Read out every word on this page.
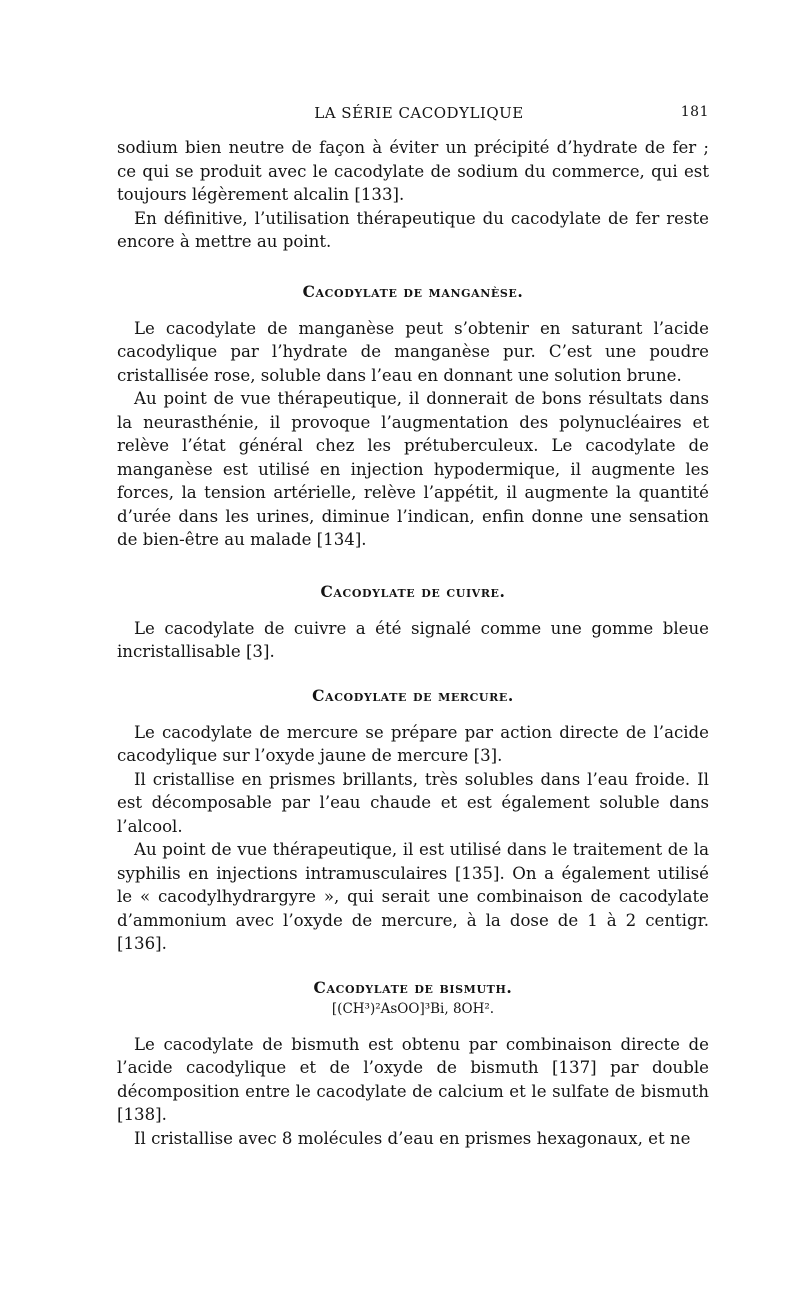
LA SÉRIE CACODYLIQUE	181

sodium bien neutre de façon à éviter un précipité d’hydrate de fer ; ce qui se produit avec le cacodylate de sodium du commerce, qui est toujours légèrement alcalin [133].

En définitive, l’utilisation thérapeutique du cacodylate de fer reste encore à mettre au point.

Cacodylate de manganèse.

Le cacodylate de manganèse peut s’obtenir en saturant l’acide cacodylique par l’hydrate de manganèse pur. C’est une poudre cristallisée rose, soluble dans l’eau en donnant une solution brune.

Au point de vue thérapeutique, il donnerait de bons résultats dans la neurasthénie, il provoque l’augmentation des polynucléaires et relève l’état général chez les prétuberculeux. Le cacodylate de manganèse est utilisé en injection hypodermique, il augmente les forces, la tension artérielle, relève l’appétit, il augmente la quantité d’urée dans les urines, diminue l’indican, enfin donne une sensation de bien-être au malade [134].

Cacodylate de cuivre.

Le cacodylate de cuivre a été signalé comme une gomme bleue incristallisable [3].

Cacodylate de mercure.

Le cacodylate de mercure se prépare par action directe de l’acide cacodylique sur l’oxyde jaune de mercure [3].

Il cristallise en prismes brillants, très solubles dans l’eau froide. Il est décomposable par l’eau chaude et est également soluble dans l’alcool.

Au point de vue thérapeutique, il est utilisé dans le traitement de la syphilis en injections intramusculaires [135]. On a également utilisé le « cacodylhydrargyre », qui serait une combinaison de cacodylate d’ammonium avec l’oxyde de mercure, à la dose de 1 à 2 centigr. [136].

Cacodylate de bismuth.
[(CH³)²AsOO]³Bi, 8OH².

Le cacodylate de bismuth est obtenu par combinaison directe de l’acide cacodylique et de l’oxyde de bismuth [137] par double décomposition entre le cacodylate de calcium et le sulfate de bismuth [138].

Il cristallise avec 8 molécules d’eau en prismes hexagonaux, et ne
